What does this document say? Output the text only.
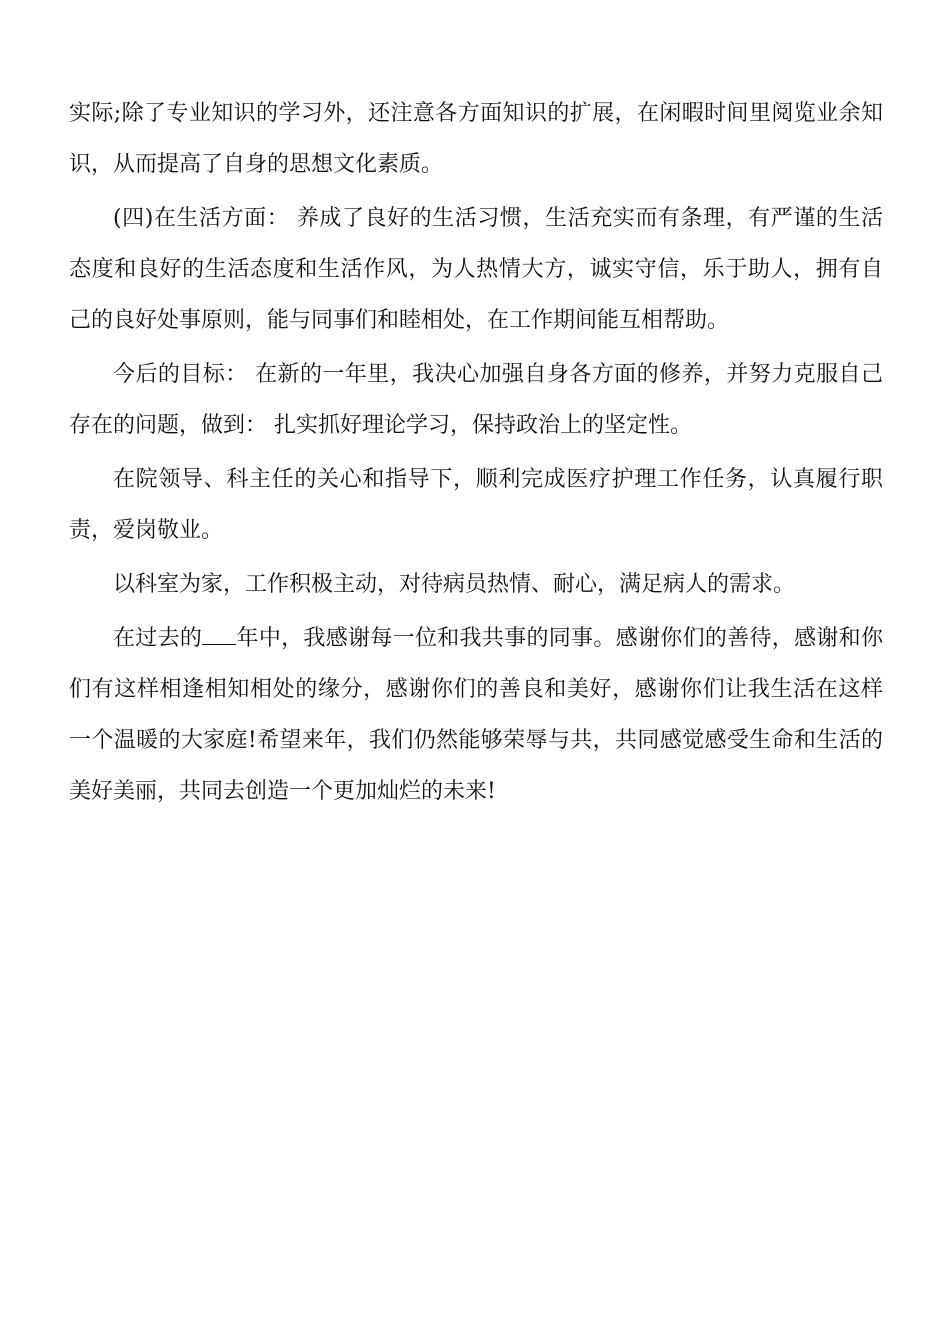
实际;除了专业知识的学习外，还注意各方面知识的扩展，在闲暇时间里阅览业余知
识，从而提高了自身的思想文化素质。
(四)在生活方面： 养成了良好的生活习惯，生活充实而有条理，有严谨的生活
态度和良好的生活态度和生活作风，为人热情大方，诚实守信，乐于助人，拥有自
己的良好处事原则，能与同事们和睦相处，在工作期间能互相帮助。
今后的目标： 在新的一年里，我决心加强自身各方面的修养，并努力克服自己
存在的问题，做到： 扎实抓好理论学习，保持政治上的坚定性。
在院领导、科主任的关心和指导下，顺利完成医疗护理工作任务，认真履行职
责，爱岗敬业。
以科室为家，工作积极主动，对待病员热情、耐心，满足病人的需求。
在过去的 年中，我感谢每一位和我共事的同事。感谢你们的善待，感谢和你
们有这样相逢相知相处的缘分，感谢你们的善良和美好，感谢你们让我生活在这样
一个温暖的大家庭!希望来年，我们仍然能够荣辱与共，共同感觉感受生命和生活的
美好美丽，共同去创造一个更加灿烂的未来!
